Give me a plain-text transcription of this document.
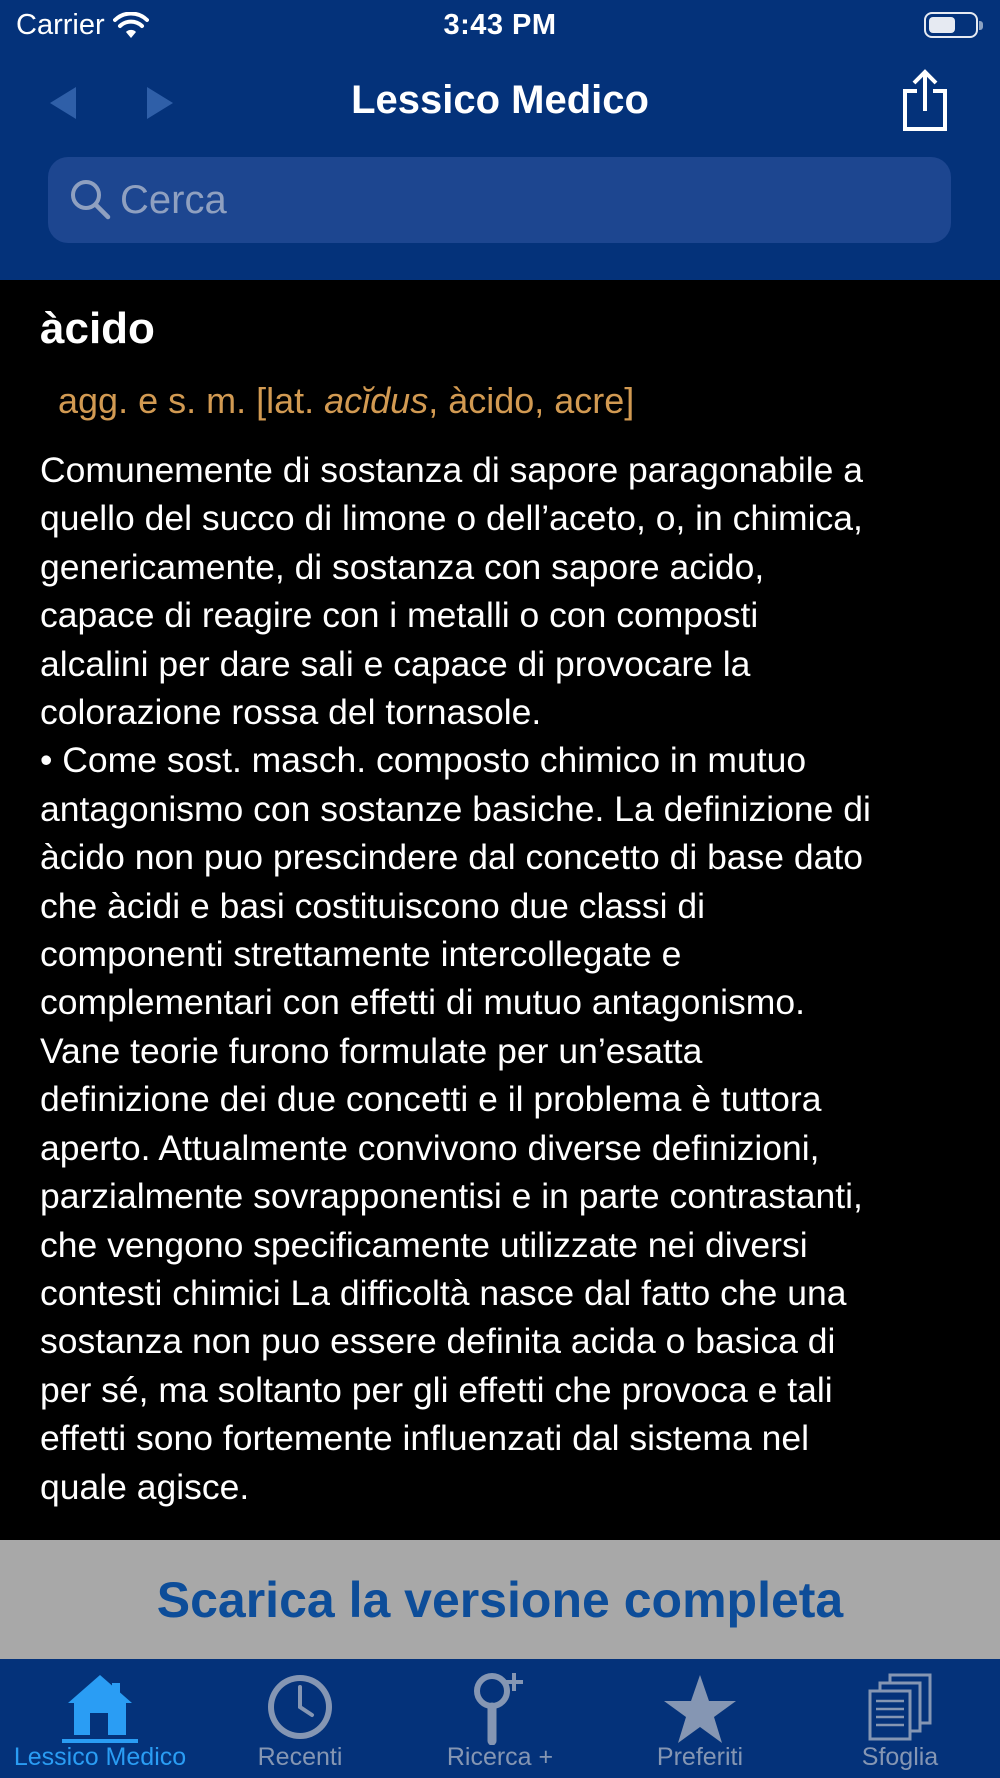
Carrier	3:43 PM
Lessico Medico
Cerca
àcido
agg. e s. m. [lat. acĭdus, àcido, acre]
Comunemente di sostanza di sapore paragonabile a
quello del succo di limone o dell’aceto, o, in chimica,
genericamente, di sostanza con sapore acido,
capace di reagire con i metalli o con composti
alcalini per dare sali e capace di provocare la
colorazione rossa del tornasole.
• Come sost. masch. composto chimico in mutuo
antagonismo con sostanze basiche. La definizione di
àcido non puo prescindere dal concetto di base dato
che àcidi e basi costituiscono due classi di
componenti strettamente intercollegate e
complementari con effetti di mutuo antagonismo.
Vane teorie furono formulate per un’esatta
definizione dei due concetti e il problema è tuttora
aperto. Attualmente convivono diverse definizioni,
parzialmente sovrapponentisi e in parte contrastanti,
che vengono specificamente utilizzate nei diversi
contesti chimici La difficoltà nasce dal fatto che una
sostanza non puo essere definita acida o basica di
per sé, ma soltanto per gli effetti che provoca e tali
effetti sono fortemente influenzati dal sistema nel
quale agisce.
Scarica la versione completa
Lessico Medico	Recenti	Ricerca +	Preferiti	Sfoglia
